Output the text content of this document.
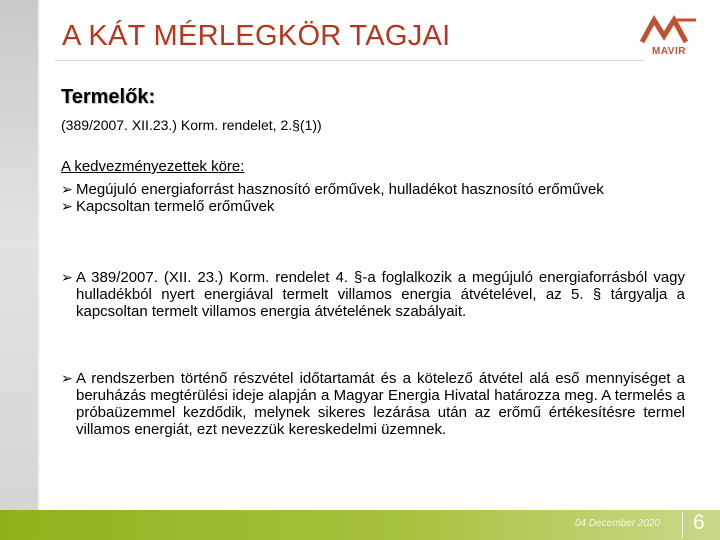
A KÁT MÉRLEGKÖR TAGJAI	MAVIR
Termelők:
(389/2007. XII.23.) Korm. rendelet, 2.§(1))
A kedvezményezettek köre:
➢ Megújuló energiaforrást hasznosító erőművek, hulladékot hasznosító erőművek
➢ Kapcsoltan termelő erőművek
➢ A 389/2007. (XII. 23.) Korm. rendelet 4. §-a foglalkozik a megújuló energiaforrásból vagy hulladékból nyert energiával termelt villamos energia átvételével, az 5. § tárgyalja a kapcsoltan termelt villamos energia átvételének szabályait.
➢ A rendszerben történő részvétel időtartamát és a kötelező átvétel alá eső mennyiséget a beruházás megtérülési ideje alapján a Magyar Energia Hivatal határozza meg. A termelés a próbaüzemmel kezdődik, melynek sikeres lezárása után az erőmű értékesítésre termel villamos energiát, ezt nevezzük kereskedelmi üzemnek.
04 December 2020 6
